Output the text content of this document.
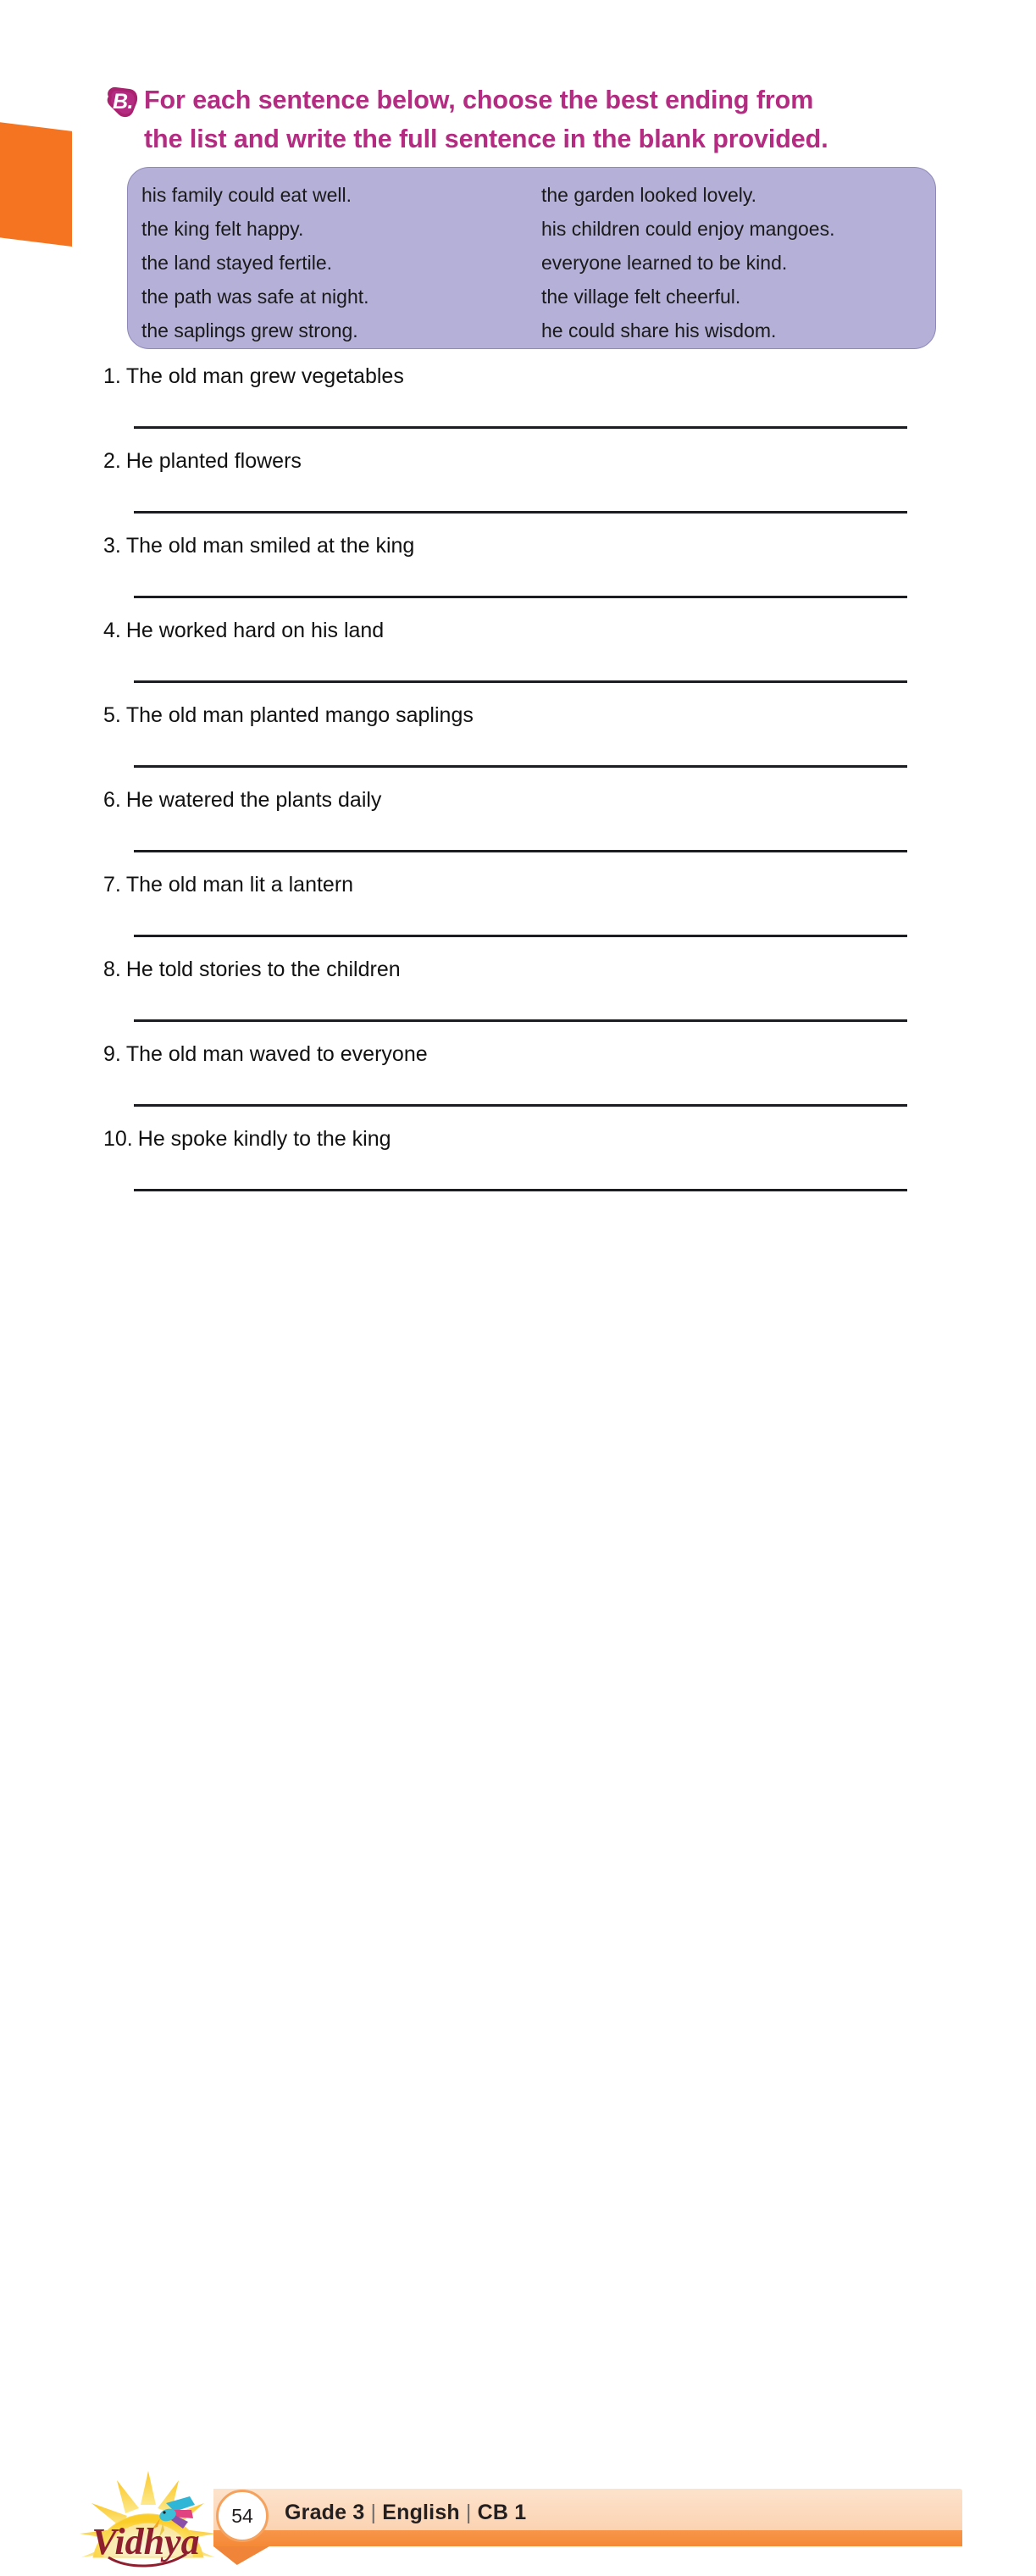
B. For each sentence below, choose the best ending from
the list and write the full sentence in the blank provided.
his family could eat well.
the king felt happy.
the land stayed fertile.
the path was safe at night.
the saplings grew strong.
the garden looked lovely.
his children could enjoy mangoes.
everyone learned to be kind.
the village felt cheerful.
he could share his wisdom.
1. The old man grew vegetables
2. He planted flowers
3. The old man smiled at the king
4. He worked hard on his land
5. The old man planted mango saplings
6. He watered the plants daily
7. The old man lit a lantern
8. He told stories to the children
9. The old man waved to everyone
10. He spoke kindly to the king
Vidhya
54 Grade 3 | English | CB 1
